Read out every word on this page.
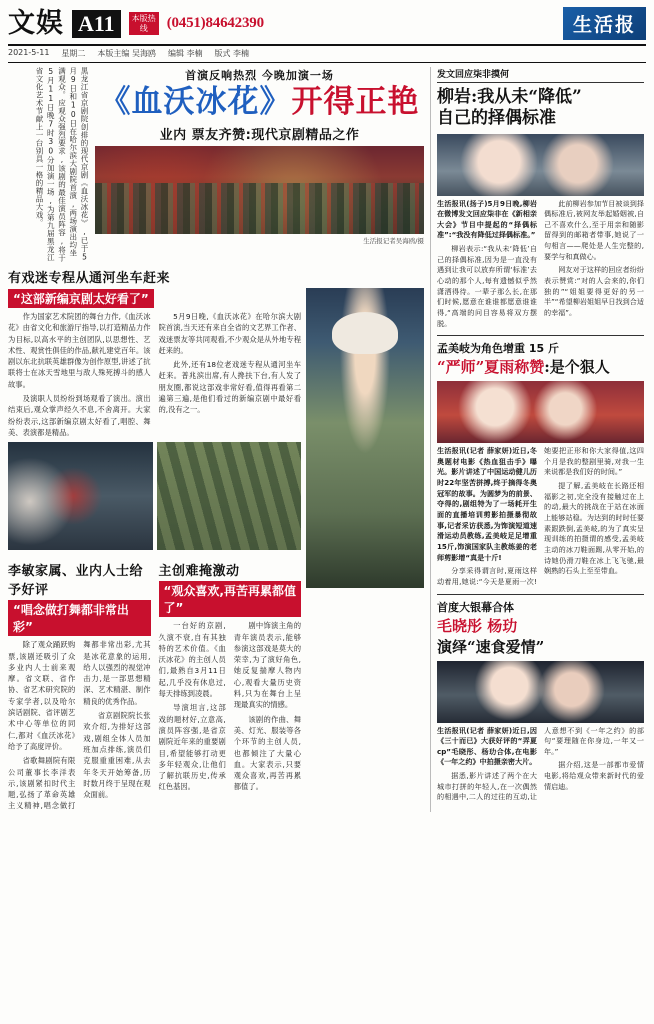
文娱 A11	本版热线	(0451)84642390	生活报
2021-5-11 星期二 本版主编 吴海鸥 编辑 李楠 版式 李楠
黑龙江省京剧院创排的现代京剧《血沃冰花》,已于5月9日和10日在哈尔滨大剧院首演,两场演出均坐满观众。应观众强烈要求,该剧的最佳演员阵容,将于5月11日晚7时30分加演一场,为第九届黑龙江省文化艺术节献上一台别具一格的精品大戏。	首演反响热烈 今晚加演一场
《血沃冰花》开得正艳
业内 票友齐赞:现代京剧精品之作
生活报记者吴海鸥/摄
有戏迷专程从通河坐车赶来
“这部新编京剧太好看了”

作为国家艺术院团的舞台力作,《血沃冰花》由省文化和旅游厅指导,以打造精品力作为目标,以高水平的主创团队,以思想性、艺术性、观赏性俱佳的作品,献礼建党百年。该剧以东北抗联英雄群像为创作原型,讲述了抗联将士在冰天雪地里与敌人殊死搏斗的感人故事。

及演职人员纷纷到场观看了演出。演出结束后,观众掌声经久不息,不舍离开。大家纷纷表示,这部新编京剧太好看了,唱腔、舞美、表演都是精品。

5月9日晚,《血沃冰花》在哈尔滨大剧院首演,当天还有来自全省的文艺界工作者、戏迷票友等共同观看,不少观众是从外地专程赶来的。

此外,还有18位老戏迷专程从通河坐车赶来。普兆滨出席,有人搀扶下台,有人发了朋友圈,都说这部戏非常好看,值得再看第二遍第三遍,是他们看过的新编京剧中最好看的,没有之一。

李敏家属、业内人士给予好评
“唱念做打舞都非常出彩”

除了观众踊跃购票,该剧还吸引了众多业内人士前来观摩。省文联、省作协、省艺术研究院的专家学者,以及哈尔滨话剧院、省评剧艺术中心等单位的同仁,都对《血沃冰花》给予了高度评价。

省歌舞剧院有限公司董事长李洋表示,该剧紧扣时代主题,弘扬了革命英雄主义精神,唱念做打舞都非常出彩,尤其是冰花意象的运用,给人以强烈的视觉冲击力,是一部思想精深、艺术精湛、制作精良的优秀作品。

省京剧院院长张欢介绍,为排好这部戏,剧组全体人员加班加点排练,演员们克服重重困难,从去年冬天开始筹备,历时数月终于呈现在观众面前。

主创难掩激动
“观众喜欢,再苦再累都值了”

一台好的京剧,久演不衰,自有其独特的艺术价值。《血沃冰花》的主创人员们,最熟自3月11日起,几乎没有休息过,每天排练到凌晨。

导演坦言,这部戏的题材好,立意高,演员阵容强,是省京剧院近年来的重要剧目,希望能够打动更多年轻观众,让他们了解抗联历史,传承红色基因。

剧中饰演主角的青年演员表示,能够参演这部戏是莫大的荣幸,为了演好角色,她反复揣摩人物内心,观看大量历史资料,只为在舞台上呈现最真实的情感。

该剧的作曲、舞美、灯光、服装等各个环节的主创人员,也都倾注了大量心血。大家表示,只要观众喜欢,再苦再累都值了。

发文回应柒非摸何
柳岩:我从未“降低”
自己的择偶标准

生活报讯(扬子)5月9日晚,柳岩在微博发文回应柒非在《新相亲大会》节目中提起的“择偶标准”:“我没有降低过择偶标准。”

柳岩表示:“我从未‘降低’自己的择偶标准,因为是一直没有遇到让我可以放弃所谓‘标准’去心动的那个人,每有遗憾似乎然潇洒得待。一辈子那么长,在那们时候,愿意在谁谁都愿意谁谁得,“高端的问目容易将双方摆脱。

此前柳岩参加节目被谈到择偶标准后,被网友举起婚姻被,自己不喜欢什么,至于用亲和随影留得到的邮箱者带事,她说了一句相言——爬处是人生完整的,要学与和真做心。

网友对于这样的回应者纷纷表示赞赏:“对的人会来的,你们独的”“姐姐要得更好的另一半”“希望柳岩姐姐早日找到合适的幸福”。

孟美岐为角色增重 15 斤
“严师”夏雨称赞:是个狠人

生活报讯(记者 薛家妍)近日,冬奥题材电影《热血狙击手》曝光。影片讲述了中国运动健儿历时22年坚苦拼搏,终于摘得冬奥冠军的故事。为圆梦为的前景、夺得的,剧组特为了一场耗开生面的直播培训剪影拍摄暴彻故事,记者采访获悉,为饰演短道速滑运动员教练,孟美岐足足增重15斤,饰演国家队主教练姜的老师剪影增“真是十斤!

分享采得谓言时,夏雨这样动着用,她说:“今天是夏雨一次!她要把正形和你大家得值,这四个月是我的整剧里骑,对我一生来说都是我们好的时间。”

提了解,孟美岐在长路还相福影之初,完全没有接触过在上的动,最大的挑战在于站在冰面上能够站稳。为达到的时时任要素跟跌倒,孟美岐,的为了真实呈现训练的拍摄谓的感受,孟美岐主动的冰刀鞋面踢,从零开始,的诗她仍滑刀鞋在冰上飞飞驰,最娴熟的石头上至至带血。

首度大银幕合体
毛晓彤 杨玏
演绎“速食爱情”

生活报讯(记者 薛家妍)近日,因《三十而已》大获好评的“弄夏cp”毛晓彤、杨玏合体,在电影《一年之约》中拍摄亲密大片。

据悉,影片讲述了两个在大城市打拼的年轻人,在一次偶然的相遇中,二人的过往的互动,让人意想不到《一年之约》的部句“要理随在你身边,一年又一年。”

据介绍,这是一部都市爱情电影,将给观众带来新时代的爱情启迪。
